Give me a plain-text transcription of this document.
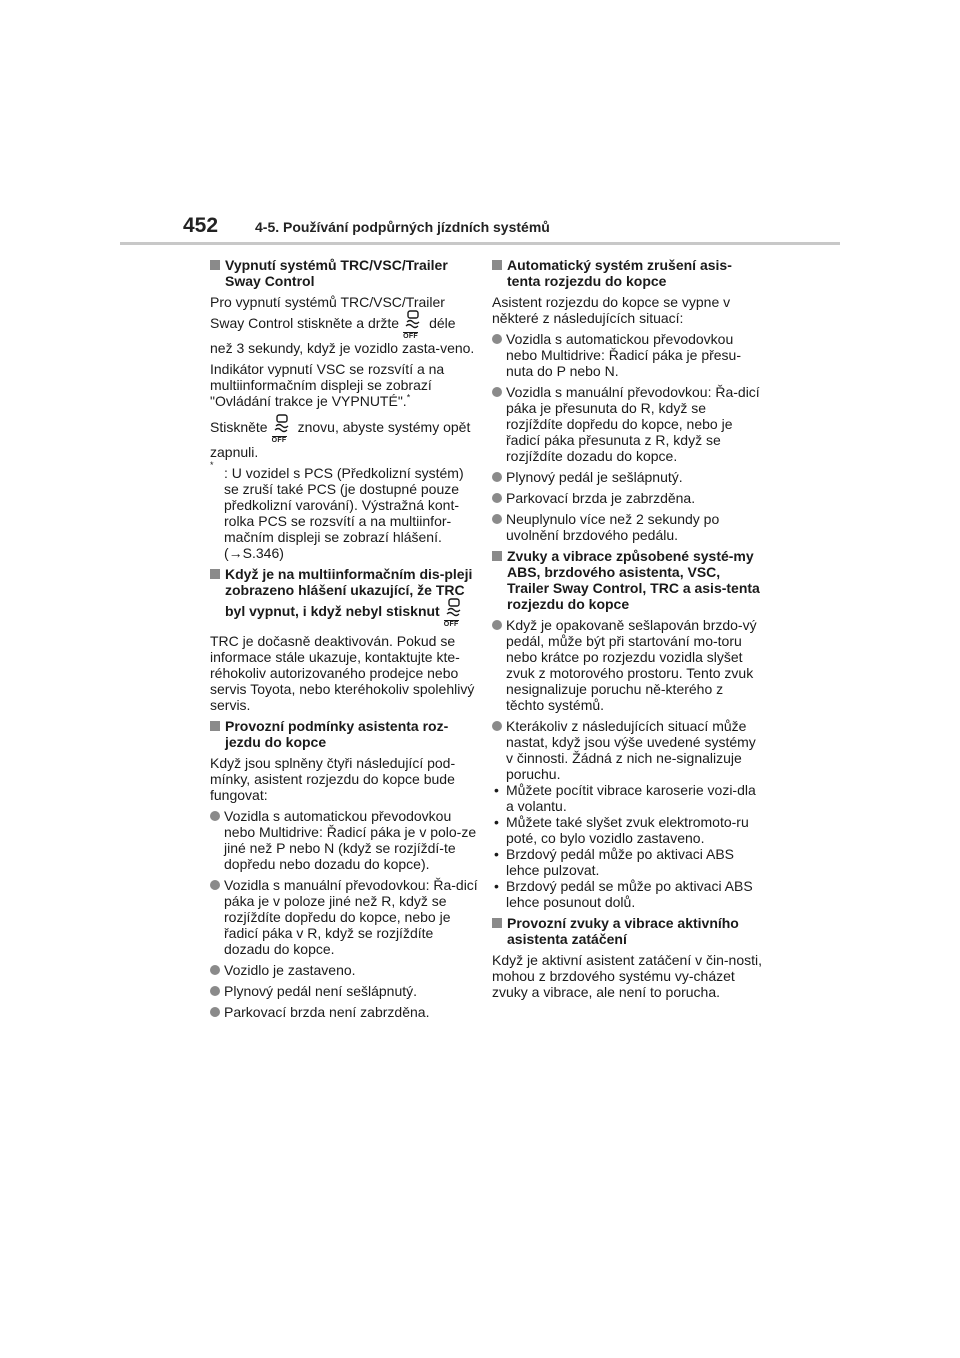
452	4-5. Používání podpůrných jízdních systémů
Vypnutí systémů TRC/VSC/Trailer Sway Control

Pro vypnutí systémů TRC/VSC/Trailer Sway Control stiskněte a držte
OFF
déle než 3 sekundy, když je vozidlo zasta-veno.

Indikátor vypnutí VSC se rozsvítí a na multiinformačním displeji se zobrazí "Ovládání trakce je VYPNUTÉ".*

Stiskněte
OFF
znovu, abyste systémy opět zapnuli.

* : U vozidel s PCS (Předkolizní systém) se zruší také PCS (je dostupné pouze předkolizní varování). Výstražná kont-rolka PCS se rozsvítí a na multiinfor-mačním displeji se zobrazí hlášení. (→S.346)
Když je na multiinformačním dis-pleji zobrazeno hlášení ukazující, že TRC byl vypnut, i když nebyl stisknut
OFF

TRC je dočasně deaktivován. Pokud se informace stále ukazuje, kontaktujte kte-réhokoliv autorizovaného prodejce nebo servis Toyota, nebo kteréhokoliv spolehlivý servis.

Provozní podmínky asistenta roz-jezdu do kopce

Když jsou splněny čtyři následující pod-mínky, asistent rozjezdu do kopce bude fungovat:

Vozidla s automatickou převodovkou nebo Multidrive: Řadicí páka je v polo-ze jiné než P nebo N (když se rozjíždí-te dopředu nebo dozadu do kopce).
Vozidla s manuální převodovkou: Řa-dicí páka je v poloze jiné než R, když se rozjíždíte dopředu do kopce, nebo je řadicí páka v R, když se rozjíždíte dozadu do kopce.
Vozidlo je zastaveno.
Plynový pedál není sešlápnutý.
Parkovací brzda není zabrzděna.
Automatický systém zrušení asis-tenta rozjezdu do kopce

Asistent rozjezdu do kopce se vypne v některé z následujících situací:

Vozidla s automatickou převodovkou nebo Multidrive: Řadicí páka je přesu-nuta do P nebo N.
Vozidla s manuální převodovkou: Řa-dicí páka je přesunuta do R, když se rozjíždíte dopředu do kopce, nebo je řadicí páka přesunuta z R, když se rozjíždíte dozadu do kopce.
Plynový pedál je sešlápnutý.
Parkovací brzda je zabrzděna.
Neuplynulo více než 2 sekundy po uvolnění brzdového pedálu.
Zvuky a vibrace způsobené systé-my ABS, brzdového asistenta, VSC, Trailer Sway Control, TRC a asis-tenta rozjezdu do kopce
Když je opakovaně sešlapován brzdo-vý pedál, může být při startování mo-toru nebo krátce po rozjezdu vozidla slyšet zvuk z motorového prostoru. Tento zvuk nesignalizuje poruchu ně-kterého z těchto systémů.
Kterákoliv z následujících situací může nastat, když jsou výše uvedené systémy v činnosti. Žádná z nich ne-signalizuje poruchu.
• Můžete pocítit vibrace karoserie vozi-dla a volantu.
• Můžete také slyšet zvuk elektromoto-ru poté, co bylo vozidlo zastaveno.
• Brzdový pedál může po aktivaci ABS lehce pulzovat.
• Brzdový pedál se může po aktivaci ABS lehce posunout dolů.
Provozní zvuky a vibrace aktivního asistenta zatáčení

Když je aktivní asistent zatáčení v čin-nosti, mohou z brzdového systému vy-cházet zvuky a vibrace, ale není to porucha.
